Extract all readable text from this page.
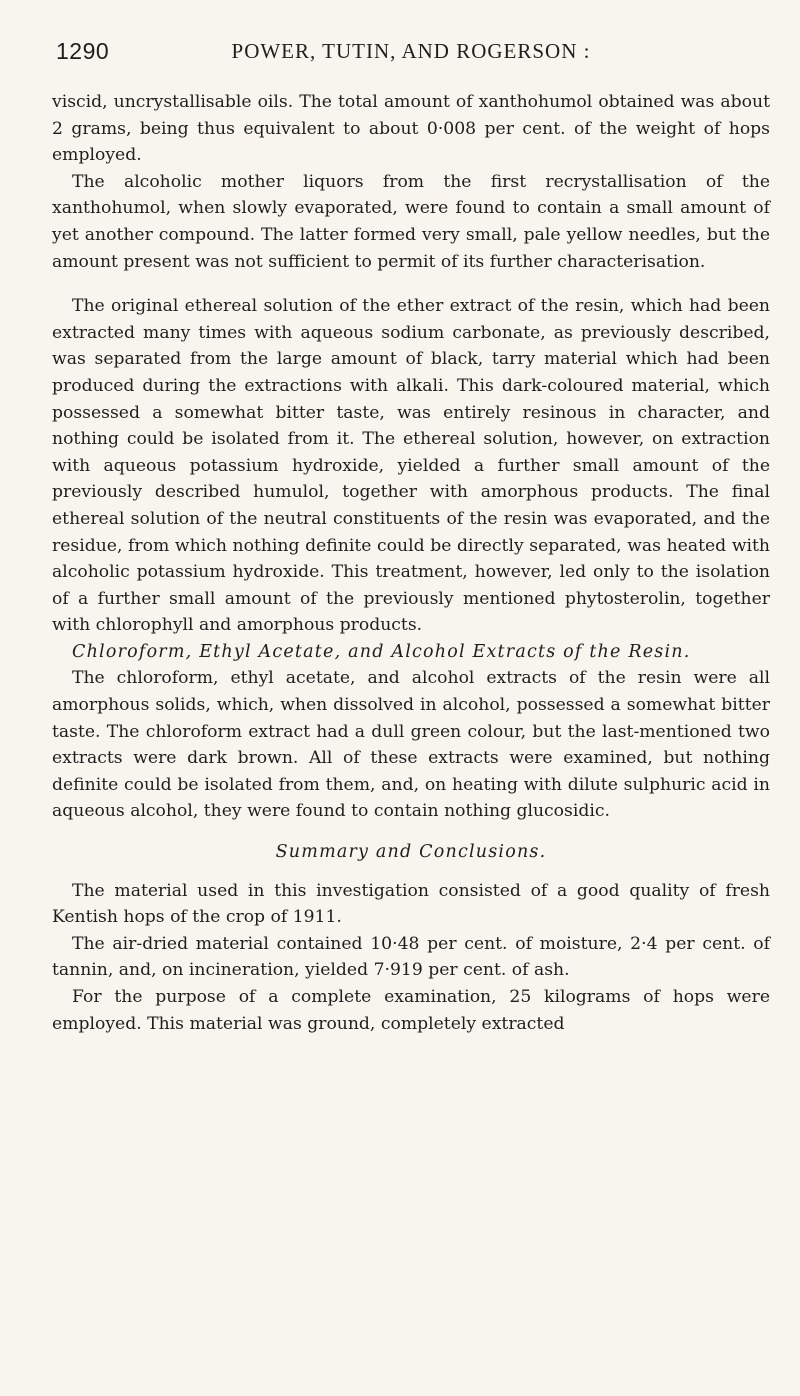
1290	POWER, TUTIN, AND ROGERSON :

viscid, uncrystallisable oils. The total amount of xanthohumol obtained was about 2 grams, being thus equivalent to about 0·008 per cent. of the weight of hops employed.

The alcoholic mother liquors from the first recrystallisation of the xanthohumol, when slowly evaporated, were found to contain a small amount of yet another compound. The latter formed very small, pale yellow needles, but the amount present was not sufficient to permit of its further characterisation.

The original ethereal solution of the ether extract of the resin, which had been extracted many times with aqueous sodium carbonate, as previously described, was separated from the large amount of black, tarry material which had been produced during the extractions with alkali. This dark-coloured material, which possessed a somewhat bitter taste, was entirely resinous in character, and nothing could be isolated from it. The ethereal solution, however, on extraction with aqueous potassium hydroxide, yielded a further small amount of the previously described humulol, together with amorphous products. The final ethereal solution of the neutral constituents of the resin was evaporated, and the residue, from which nothing definite could be directly separated, was heated with alcoholic potassium hydroxide. This treatment, however, led only to the isolation of a further small amount of the previously mentioned phytosterolin, together with chlorophyll and amorphous products.

Chloroform, Ethyl Acetate, and Alcohol Extracts of the Resin.

The chloroform, ethyl acetate, and alcohol extracts of the resin were all amorphous solids, which, when dissolved in alcohol, possessed a somewhat bitter taste. The chloroform extract had a dull green colour, but the last-mentioned two extracts were dark brown. All of these extracts were examined, but nothing definite could be isolated from them, and, on heating with dilute sulphuric acid in aqueous alcohol, they were found to contain nothing glucosidic.

Summary and Conclusions.

The material used in this investigation consisted of a good quality of fresh Kentish hops of the crop of 1911.

The air-dried material contained 10·48 per cent. of moisture, 2·4 per cent. of tannin, and, on incineration, yielded 7·919 per cent. of ash.

For the purpose of a complete examination, 25 kilograms of hops were employed. This material was ground, completely extracted
